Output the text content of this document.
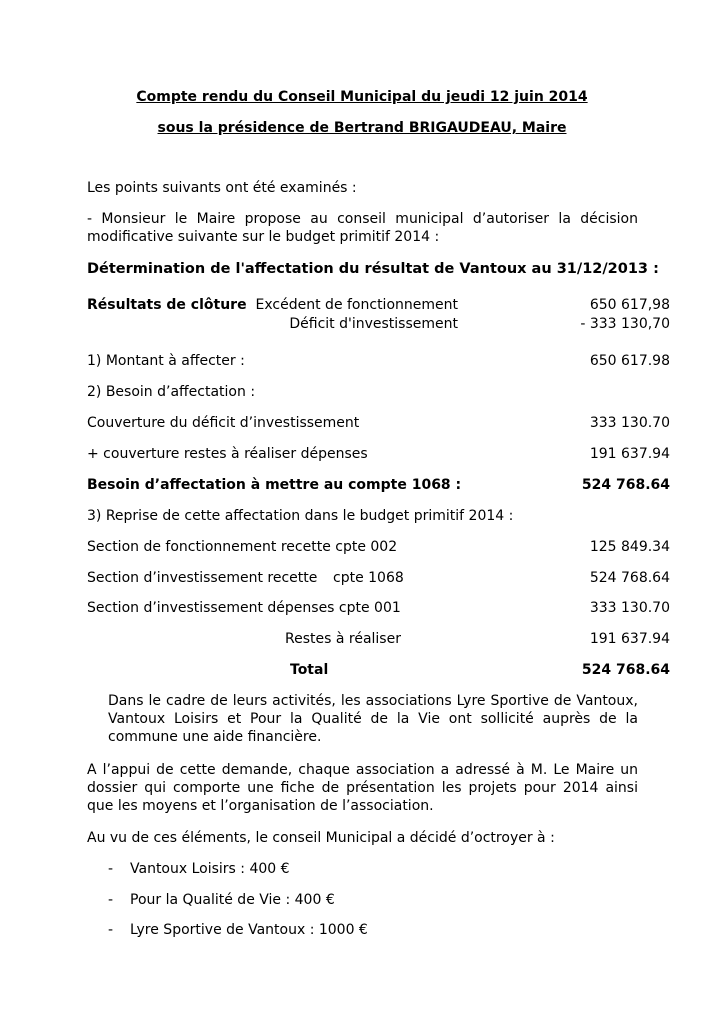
Compte rendu du Conseil Municipal du jeudi 12 juin 2014
sous la présidence de Bertrand BRIGAUDEAU, Maire
Les points suivants ont été examinés :
- Monsieur le Maire propose au conseil municipal d’autoriser la décision modificative suivante sur le budget primitif 2014 :
Détermination de l'affectation du résultat de Vantoux au 31/12/2013 :
Résultats de clôture Excédent de fonctionnement	650 617,98
Déficit d'investissement	- 333 130,70
1) Montant à affecter :	650 617.98
2) Besoin d’affectation :
Couverture du déficit d’investissement	333 130.70
+ couverture restes à réaliser dépenses	191 637.94
Besoin d’affectation à mettre au compte 1068 :	524 768.64
3) Reprise de cette affectation dans le budget primitif 2014 :
Section de fonctionnement recette cpte 002	125 849.34
Section d’investissement recette cpte 1068	524 768.64
Section d’investissement dépenses cpte 001	333 130.70
Restes à réaliser	191 637.94
Total	524 768.64
Dans le cadre de leurs activités, les associations Lyre Sportive de Vantoux, Vantoux Loisirs et Pour la Qualité de la Vie ont sollicité auprès de la commune une aide financière.
A l’appui de cette demande, chaque association a adressé à M. Le Maire un dossier qui comporte une fiche de présentation les projets pour 2014 ainsi que les moyens et l’organisation de l’association.
Au vu de ces éléments, le conseil Municipal a décidé d’octroyer à :
- Vantoux Loisirs : 400 €
- Pour la Qualité de Vie : 400 €
- Lyre Sportive de Vantoux : 1000 €
